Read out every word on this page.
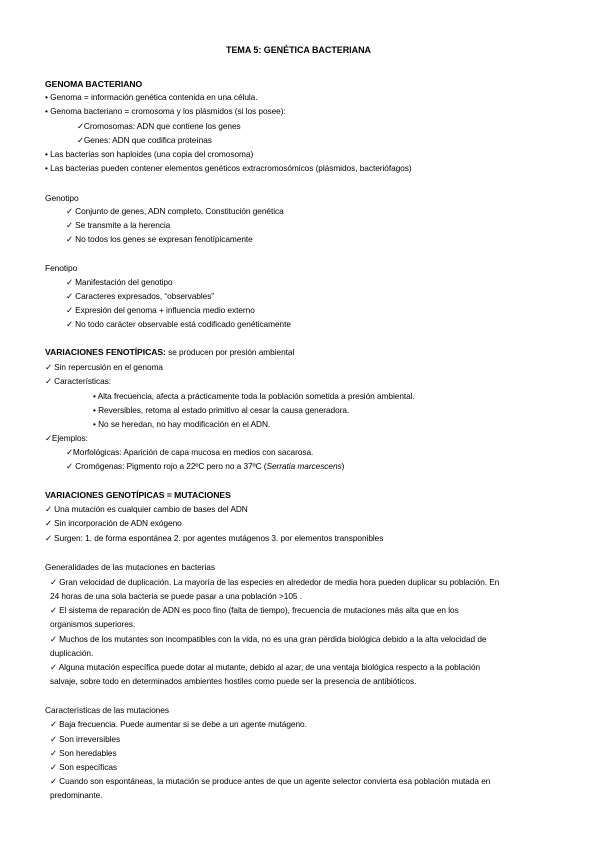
TEMA 5: GENÉTICA BACTERIANA
GENOMA BACTERIANO
• Genoma = información genética contenida en una célula.
• Genoma bacteriano = cromosoma y los plásmidos (si los posee):
✓Cromosomas: ADN que contiene los genes
✓Genes: ADN que codifica proteínas
• Las bacterias son haploides (una copia del cromosoma)
• Las bacterias pueden contener elementos genéticos extracromosómicos (plásmidos, bacteriófagos)
Genotipo
✓ Conjunto de genes, ADN completo. Constitución genética
✓ Se transmite a la herencia
✓ No todos los genes se expresan fenotípicamente
Fenotipo
✓ Manifestación del genotipo
✓ Caracteres expresados, “observables”
✓ Expresión del genoma + influencia medio externo
✓ No todo carácter observable está codificado genéticamente
VARIACIONES FENOTÍPICAS: se producen por presión ambiental
✓ Sin repercusión en el genoma
✓ Características:
• Alta frecuencia, afecta a prácticamente toda la población sometida a presión ambiental.
• Reversibles, retoma al estado primitivo al cesar la causa generadora.
• No se heredan, no hay modificación en el ADN.
✓Ejemplos:
✓Morfológicas: Aparición de capa mucosa en medios con sacarosa.
✓ Cromógenas: Pigmento rojo a 22ºC pero no a 37ºC (Serratia marcescens)
VARIACIONES GENOTÍPICAS = MUTACIONES
✓ Una mutación es cualquier cambio de bases del ADN
✓ Sin incorporación de ADN exógeno
✓ Surgen: 1. de forma espontánea 2. por agentes mutágenos 3. por elementos transponibles
Generalidades de las mutaciones en bacterias
✓ Gran velocidad de duplicación. La mayoría de las especies en alrededor de media hora pueden duplicar su población. En
24 horas de una sola bacteria se puede pasar a una población >105 .
✓ El sistema de reparación de ADN es poco fino (falta de tiempo), frecuencia de mutaciones más alta que en los
organismos superiores.
✓ Muchos de los mutantes son incompatibles con la vida, no es una gran pérdida biológica debido a la alta velocidad de
duplicación.
✓ Alguna mutación específica puede dotar al mutante, debido al azar, de una ventaja biológica respecto a la población
salvaje, sobre todo en determinados ambientes hostiles como puede ser la presencia de antibióticos.
Características de las mutaciones
✓ Baja frecuencia. Puede aumentar si se debe a un agente mutágeno.
✓ Son irreversibles
✓ Son heredables
✓ Son específicas
✓ Cuando son espontáneas, la mutación se produce antes de que un agente selector convierta esa población mutada en
predominante.
